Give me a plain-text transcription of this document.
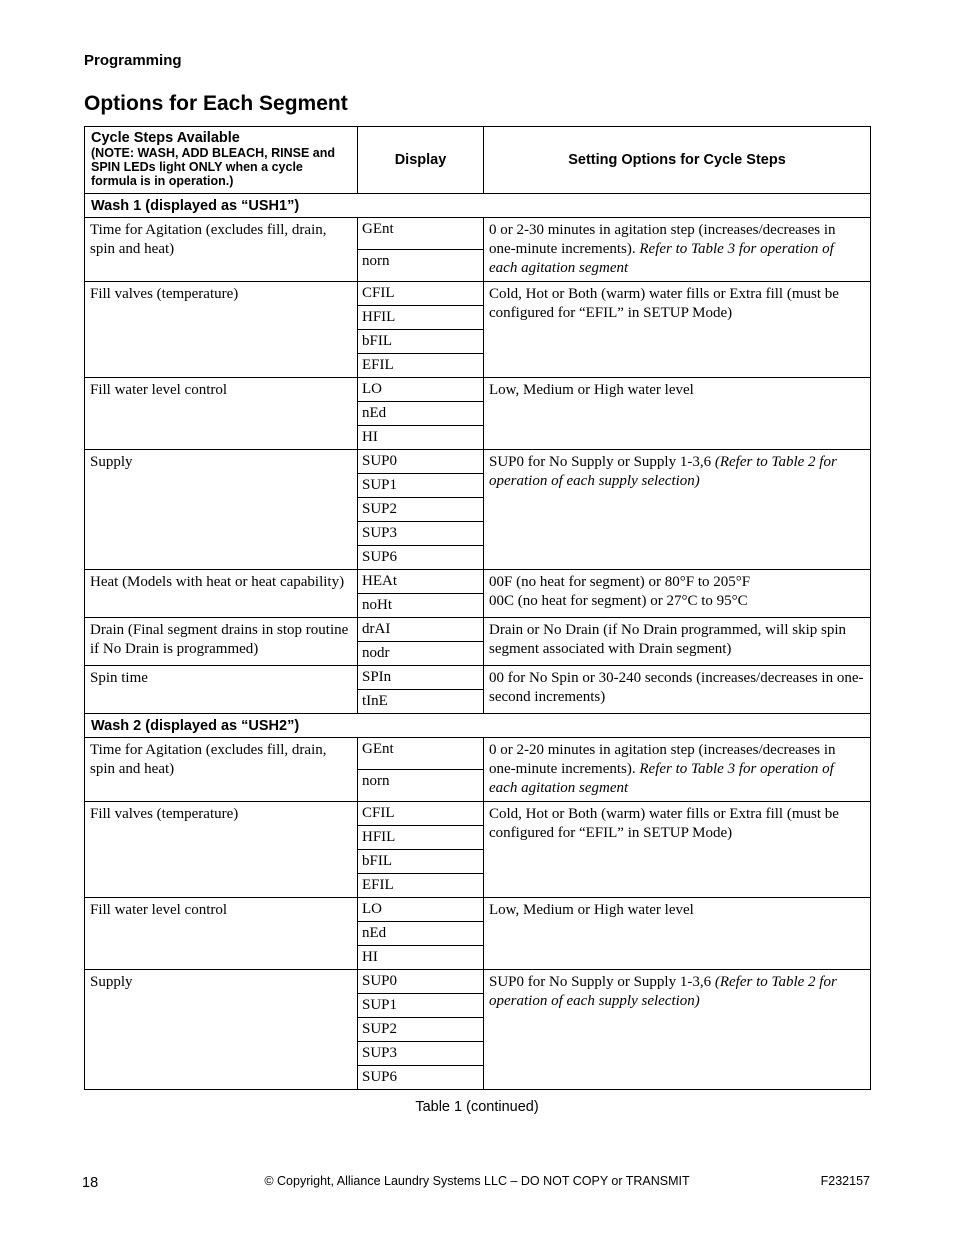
Programming
Options for Each Segment
Cycle Steps Available
(NOTE: WASH, ADD BLEACH, RINSE and SPIN LEDs light ONLY when a cycle formula is in operation.)	Display	Setting Options for Cycle Steps
Wash 1 (displayed as “USH1”)		
Time for Agitation (excludes fill, drain, spin and heat)	GEnt	0 or 2-30 minutes in agitation step (increases/decreases in one-minute increments). Refer to Table 3 for operation of each agitation segment
	norn	
Fill valves (temperature)	CFIL	Cold, Hot or Both (warm) water fills or Extra fill (must be configured for “EFIL” in SETUP Mode)
	HFIL	
	bFIL	
	EFIL	
Fill water level control	LO	Low, Medium or High water level
	nEd	
	HI	
Supply	SUP0	SUP0 for No Supply or Supply 1-3,6 (Refer to Table 2 for operation of each supply selection)
	SUP1	
	SUP2	
	SUP3	
	SUP6	
Heat (Models with heat or heat capability)	HEAt	00F (no heat for segment) or 80°F to 205°F
00C (no heat for segment) or 27°C to 95°C
	noHt	
Drain (Final segment drains in stop routine if No Drain is programmed)	drAI	Drain or No Drain (if No Drain programmed, will skip spin segment associated with Drain segment)
	nodr	
Spin time	SPIn	00 for No Spin or 30-240 seconds (increases/decreases in one-second increments)
	tInE	
Wash 2 (displayed as “USH2”)		
Time for Agitation (excludes fill, drain, spin and heat)	GEnt	0 or 2-20 minutes in agitation step (increases/decreases in one-minute increments). Refer to Table 3 for operation of each agitation segment
	norn	
Fill valves (temperature)	CFIL	Cold, Hot or Both (warm) water fills or Extra fill (must be configured for “EFIL” in SETUP Mode)
	HFIL	
	bFIL	
	EFIL	
Fill water level control	LO	Low, Medium or High water level
	nEd	
	HI	
Supply	SUP0	SUP0 for No Supply or Supply 1-3,6 (Refer to Table 2 for operation of each supply selection)
	SUP1	
	SUP2	
	SUP3	
	SUP6	
Table 1 (continued)
18	© Copyright, Alliance Laundry Systems LLC – DO NOT COPY or TRANSMIT	F232157
